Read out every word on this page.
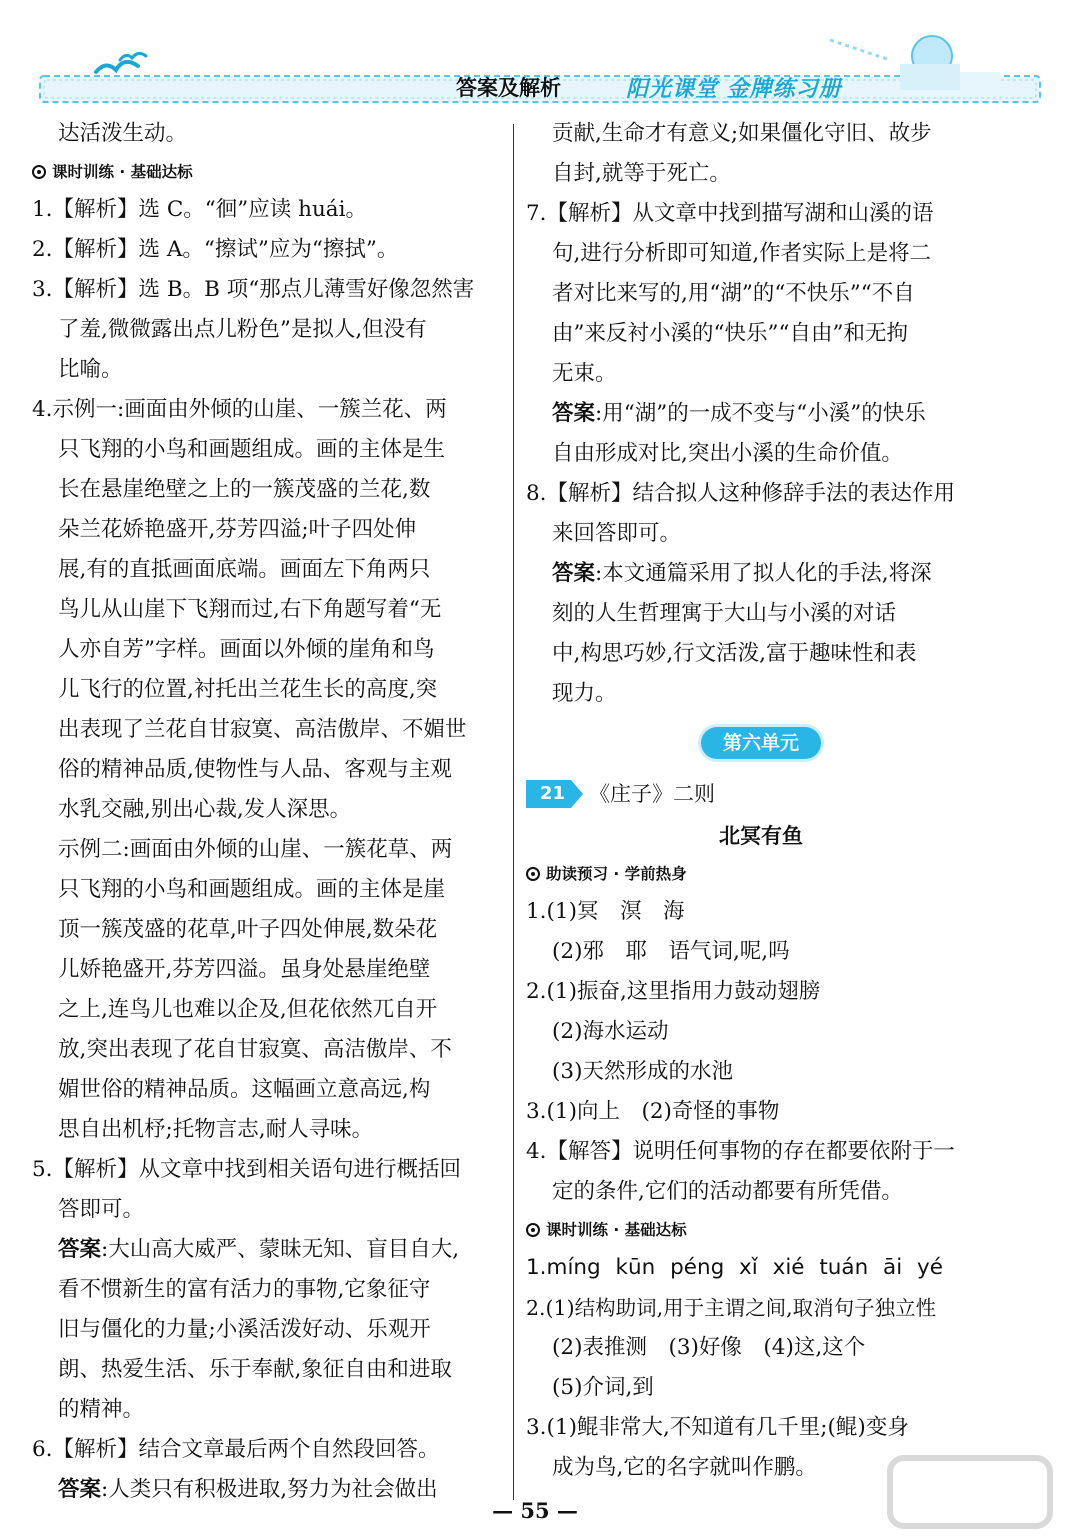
答案及解析	阳光课堂 金牌练习册
达活泼生动。
课时训练 · 基础达标
1.【解析】选 C。“徊”应读 huái。
2.【解析】选 A。“擦试”应为“擦拭”。
3.【解析】选 B。B 项“那点儿薄雪好像忽然害
了羞,微微露出点儿粉色”是拟人,但没有
比喻。
4.示例一:画面由外倾的山崖、一簇兰花、两
只飞翔的小鸟和画题组成。画的主体是生
长在悬崖绝壁之上的一簇茂盛的兰花,数
朵兰花娇艳盛开,芬芳四溢;叶子四处伸
展,有的直抵画面底端。画面左下角两只
鸟儿从山崖下飞翔而过,右下角题写着“无
人亦自芳”字样。画面以外倾的崖角和鸟
儿飞行的位置,衬托出兰花生长的高度,突
出表现了兰花自甘寂寞、高洁傲岸、不媚世
俗的精神品质,使物性与人品、客观与主观
水乳交融,别出心裁,发人深思。
示例二:画面由外倾的山崖、一簇花草、两
只飞翔的小鸟和画题组成。画的主体是崖
顶一簇茂盛的花草,叶子四处伸展,数朵花
儿娇艳盛开,芬芳四溢。虽身处悬崖绝壁
之上,连鸟儿也难以企及,但花依然兀自开
放,突出表现了花自甘寂寞、高洁傲岸、不
媚世俗的精神品质。这幅画立意高远,构
思自出机杼;托物言志,耐人寻味。
5.【解析】从文章中找到相关语句进行概括回
答即可。
答案:大山高大威严、蒙昧无知、盲目自大,
看不惯新生的富有活力的事物,它象征守
旧与僵化的力量;小溪活泼好动、乐观开
朗、热爱生活、乐于奉献,象征自由和进取
的精神。
6.【解析】结合文章最后两个自然段回答。
答案:人类只有积极进取,努力为社会做出
贡献,生命才有意义;如果僵化守旧、故步
自封,就等于死亡。
7.【解析】从文章中找到描写湖和山溪的语
句,进行分析即可知道,作者实际上是将二
者对比来写的,用“湖”的“不快乐”“不自
由”来反衬小溪的“快乐”“自由”和无拘
无束。
答案:用“湖”的一成不变与“小溪”的快乐
自由形成对比,突出小溪的生命价值。
8.【解析】结合拟人这种修辞手法的表达作用
来回答即可。
答案:本文通篇采用了拟人化的手法,将深
刻的人生哲理寓于大山与小溪的对话
中,构思巧妙,行文活泼,富于趣味性和表
现力。
第六单元
21 《庄子》二则
北冥有鱼
助读预习 · 学前热身
1.(1)冥　溟　海
(2)邪　耶　语气词,呢,吗
2.(1)振奋,这里指用力鼓动翅膀
(2)海水运动
(3)天然形成的水池
3.(1)向上　(2)奇怪的事物
4.【解答】说明任何事物的存在都要依附于一
定的条件,它们的活动都要有所凭借。
课时训练 · 基础达标
1.míng kūn péng xǐ xié tuán āi yé
2.(1)结构助词,用于主谓之间,取消句子独立性
(2)表推测　(3)好像　(4)这,这个
(5)介词,到
3.(1)鲲非常大,不知道有几千里;(鲲)变身
成为鸟,它的名字就叫作鹏。
— 55 —
